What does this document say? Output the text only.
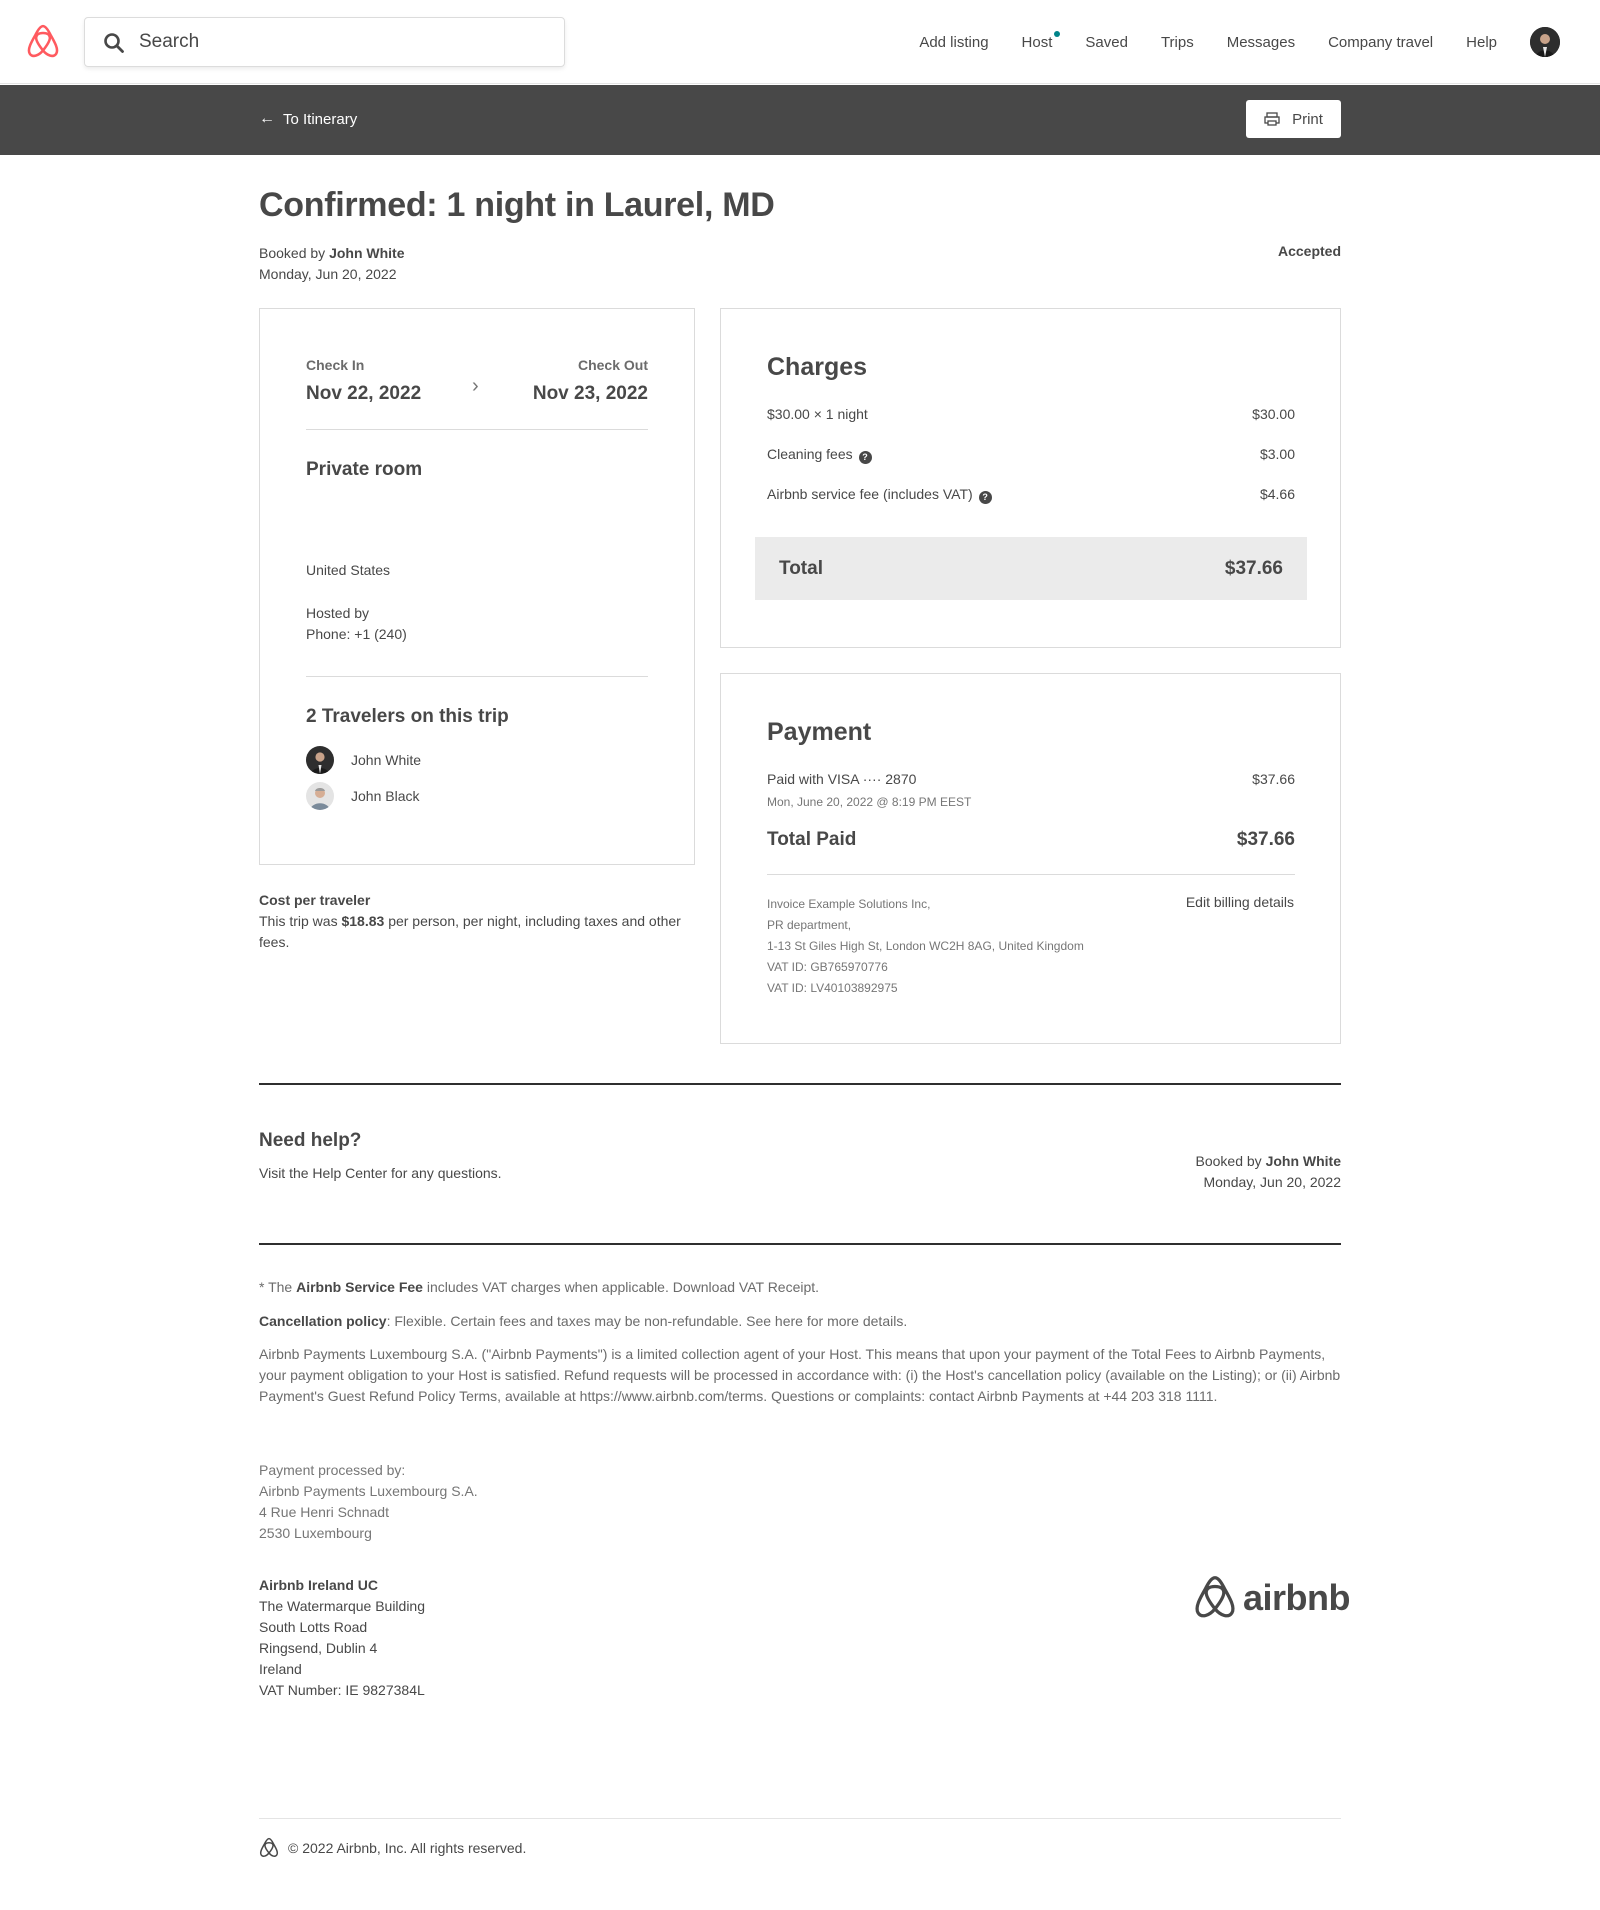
Search
Add listing Host Saved Trips Messages Company travel Help
← To Itinerary	Print
Confirmed: 1 night in Laurel, MD
Booked by John White
Monday, Jun 20, 2022
Accepted
Check In
Nov 22, 2022	›
Check Out
Nov 23, 2022
Private room
United States
Hosted by
Phone: +1 (240)
2 Travelers on this trip
John White
John Black
Cost per traveler
This trip was $18.83 per person, per night, including taxes and other fees.
Charges
$30.00 × 1 night	$30.00
Cleaning fees ?	$3.00
Airbnb service fee (includes VAT) ?	$4.66
Total	$37.66
Payment
Paid with VISA ···· 2870	$37.66
Mon, June 20, 2022 @ 8:19 PM EEST
Total Paid	$37.66
Invoice Example Solutions Inc,
PR department,
1-13 St Giles High St, London WC2H 8AG, United Kingdom
VAT ID: GB765970776
VAT ID: LV40103892975
Edit billing details
Need help?
Visit the Help Center for any questions.
Booked by John White
Monday, Jun 20, 2022
* The Airbnb Service Fee includes VAT charges when applicable. Download VAT Receipt.
Cancellation policy: Flexible. Certain fees and taxes may be non-refundable. See here for more details.
Airbnb Payments Luxembourg S.A. ("Airbnb Payments") is a limited collection agent of your Host. This means that upon your payment of the Total Fees to Airbnb Payments, your payment obligation to your Host is satisfied. Refund requests will be processed in accordance with: (i) the Host's cancellation policy (available on the Listing); or (ii) Airbnb Payment's Guest Refund Policy Terms, available at https://www.airbnb.com/terms. Questions or complaints: contact Airbnb Payments at +44 203 318 1111.
Payment processed by:
Airbnb Payments Luxembourg S.A.
4 Rue Henri Schnadt
2530 Luxembourg
Airbnb Ireland UC
The Watermarque Building
South Lotts Road
Ringsend, Dublin 4
Ireland
VAT Number: IE 9827384L
airbnb
© 2022 Airbnb, Inc. All rights reserved.
